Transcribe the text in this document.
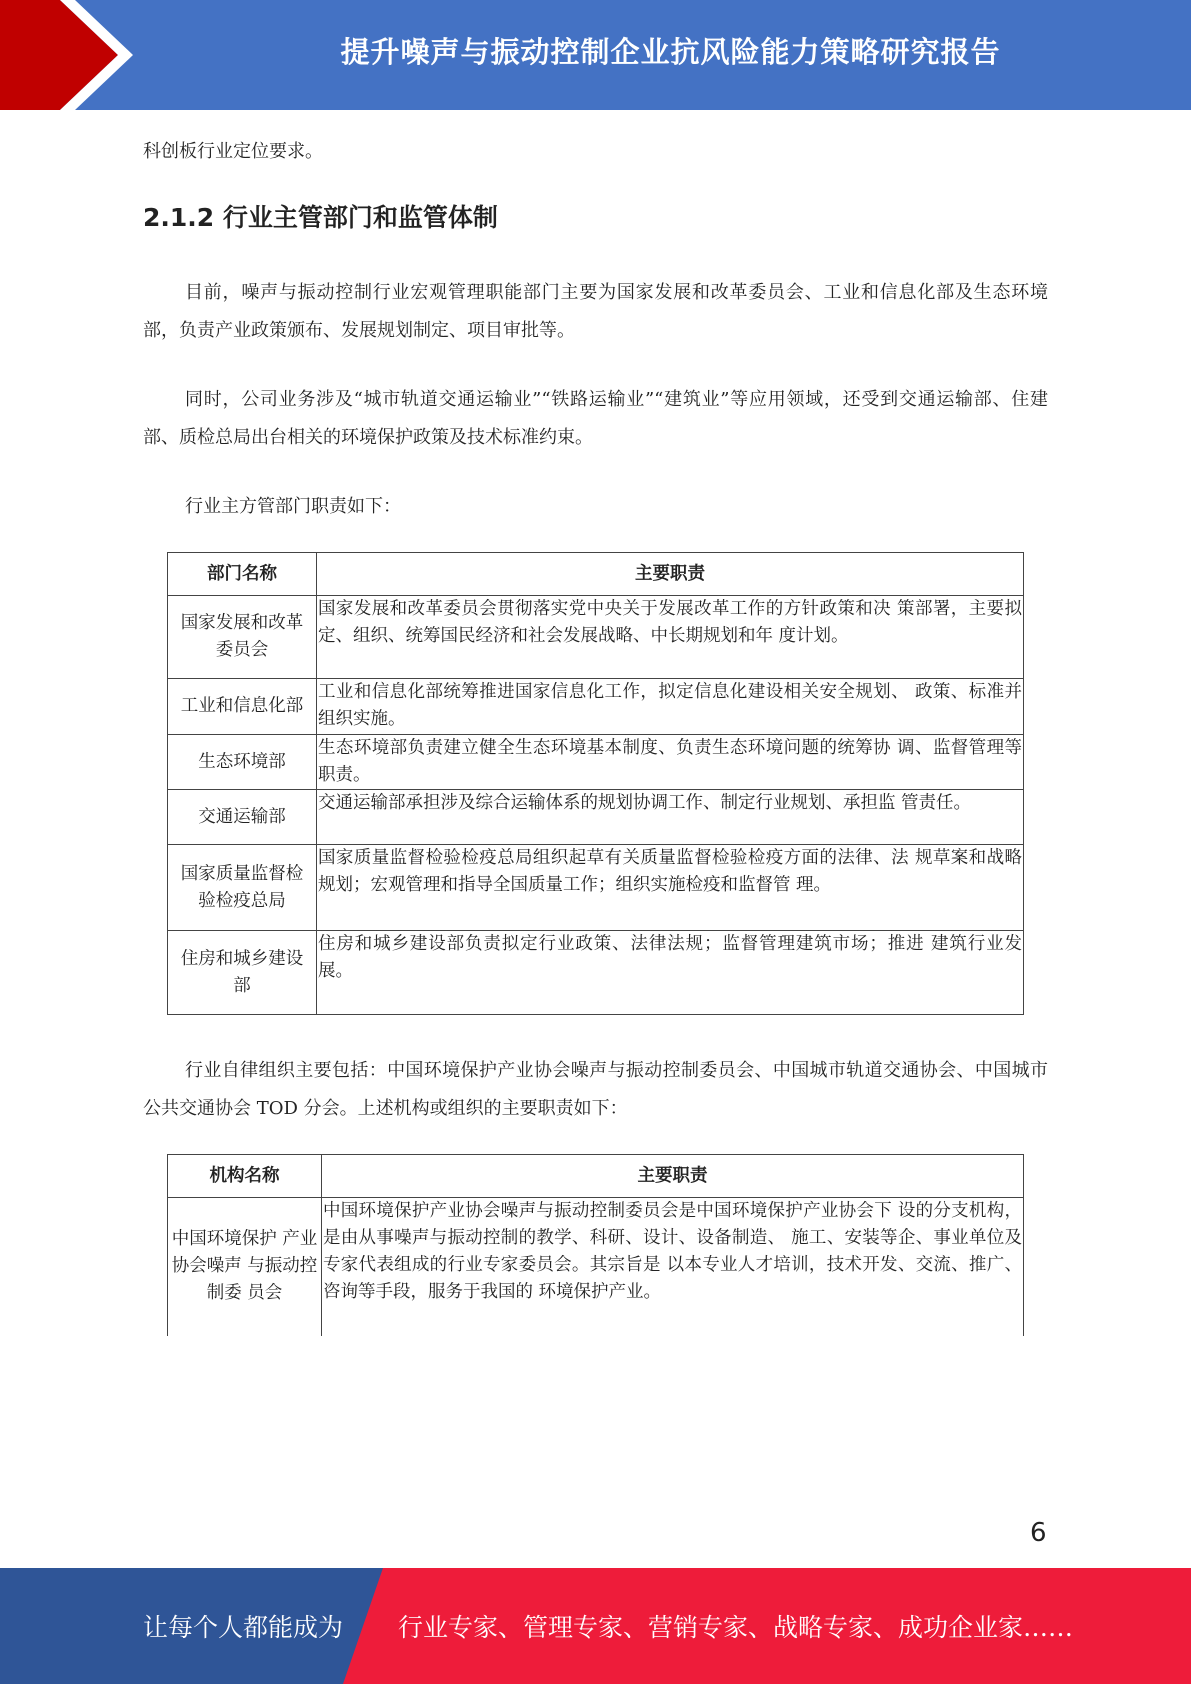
提升噪声与振动控制企业抗风险能力策略研究报告

科创板行业定位要求。

2.1.2 行业主管部门和监管体制

目前，噪声与振动控制行业宏观管理职能部门主要为国家发展和改革委员会、工业和信息化部及生态环境部，负责产业政策颁布、发展规划制定、项目审批等。

同时，公司业务涉及“城市轨道交通运输业”“铁路运输业”“建筑业”等应用领域，还受到交通运输部、住建部、质检总局出台相关的环境保护政策及技术标准约束。

行业主方管部门职责如下：

部门名称	主要职责
国家发展和改革委员会	国家发展和改革委员会贯彻落实党中央关于发展改革工作的方针政策和决 策部署，主要拟定、组织、统筹国民经济和社会发展战略、中长期规划和年 度计划。
工业和信息化部	工业和信息化部统筹推进国家信息化工作，拟定信息化建设相关安全规划、 政策、标准并组织实施。
生态环境部	生态环境部负责建立健全生态环境基本制度、负责生态环境问题的统筹协 调、监督管理等职责。
交通运输部	交通运输部承担涉及综合运输体系的规划协调工作、制定行业规划、承担监 管责任。
国家质量监督检验检疫总局	国家质量监督检验检疫总局组织起草有关质量监督检验检疫方面的法律、法 规草案和战略规划；宏观管理和指导全国质量工作；组织实施检疫和监督管 理。
住房和城乡建设部	住房和城乡建设部负责拟定行业政策、法律法规；监督管理建筑市场；推进 建筑行业发展。

行业自律组织主要包括：中国环境保护产业协会噪声与振动控制委员会、中国城市轨道交通协会、中国城市公共交通协会 TOD 分会。上述机构或组织的主要职责如下：

机构名称	主要职责
中国环境保护 产业协会噪声 与振动控制委 员会	中国环境保护产业协会噪声与振动控制委员会是中国环境保护产业协会下 设的分支机构，是由从事噪声与振动控制的教学、科研、设计、设备制造、 施工、安装等企、事业单位及专家代表组成的行业专家委员会。其宗旨是 以本专业人才培训，技术开发、交流、推广、咨询等手段，服务于我国的 环境保护产业。
6
让每个人都能成为 行业专家、管理专家、营销专家、战略专家、成功企业家……
